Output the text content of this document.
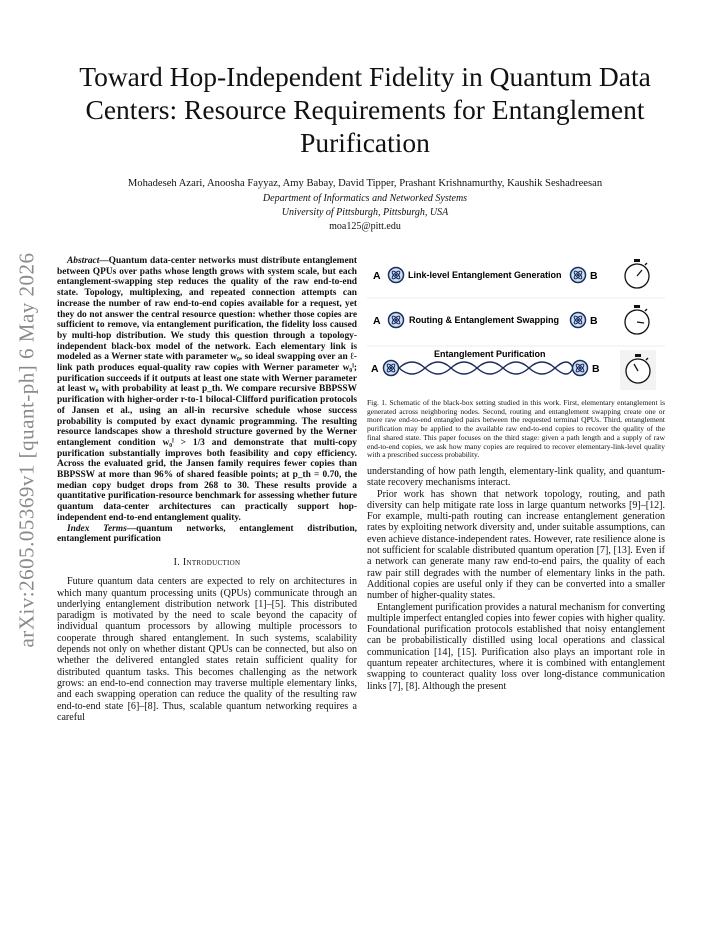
arXiv:2605.05369v1 [quant-ph] 6 May 2026
Toward Hop-Independent Fidelity in Quantum Data Centers: Resource Requirements for Entanglement Purification

Mohadeseh Azari, Anoosha Fayyaz, Amy Babay, David Tipper, Prashant Krishnamurthy, Kaushik Seshadreesan

Department of Informatics and Networked Systems

University of Pittsburgh, Pittsburgh, USA

moa125@pitt.edu

Abstract—Quantum data-center networks must distribute entanglement between QPUs over paths whose length grows with system scale, but each entanglement-swapping step reduces the quality of the raw end-to-end state. Topology, multiplexing, and repeated connection attempts can increase the number of raw end-to-end copies available for a request, yet they do not answer the central resource question: whether those copies are sufficient to remove, via entanglement purification, the fidelity loss caused by multi-hop distribution. We study this question through a topology-independent black-box model of the network. Each elementary link is modeled as a Werner state with parameter w₀, so ideal swapping over an ℓ-link path produces equal-quality raw copies with Werner parameter w₀ˡ; purification succeeds if it outputs at least one state with Werner parameter at least w₀ with probability at least p_th. We compare recursive BBPSSW purification with higher-order r-to-1 bilocal-Clifford purification protocols of Jansen et al., using an all-in recursive schedule whose success probability is computed by exact dynamic programming. The resulting resource landscapes show a threshold structure governed by the Werner entanglement condition w₀ˡ > 1/3 and demonstrate that multi-copy purification substantially improves both feasibility and copy efficiency. Across the evaluated grid, the Jansen family requires fewer copies than BBPSSW at more than 96% of shared feasible points; at p_th = 0.70, the median copy budget drops from 268 to 30. These results provide a quantitative purification-resource benchmark for assessing whether future quantum data-center architectures can practically support hop-independent end-to-end entanglement quality.

Index Terms—quantum networks, entanglement distribution, entanglement purification

I. Introduction

Future quantum data centers are expected to rely on architectures in which many quantum processing units (QPUs) communicate through an underlying entanglement distribution network [1]–[5]. This distributed paradigm is motivated by the need to scale beyond the capacity of individual quantum processors by allowing multiple processors to cooperate through shared entanglement. In such systems, scalability depends not only on whether distant QPUs can be connected, but also on whether the delivered entangled states retain sufficient quality for distributed quantum tasks. This becomes challenging as the network grows: an end-to-end connection may traverse multiple elementary links, and each swapping operation can reduce the quality of the resulting raw end-to-end state [6]–[8]. Thus, scalable quantum networking requires a careful

A	Link-level Entanglement Generation	B
A	Routing & Entanglement Swapping	B
Entanglement Purification
A	B

Fig. 1. Schematic of the black-box setting studied in this work. First, elementary entanglement is generated across neighboring nodes. Second, routing and entanglement swapping create one or more raw end-to-end entangled pairs between the requested terminal QPUs. Third, entanglement purification may be applied to the available raw end-to-end copies to recover the quality of the final shared state. This paper focuses on the third stage: given a path length and a supply of raw end-to-end copies, we ask how many copies are required to recover elementary-link-level quality with a prescribed success probability.

understanding of how path length, elementary-link quality, and quantum-state recovery mechanisms interact.

Prior work has shown that network topology, routing, and path diversity can help mitigate rate loss in large quantum networks [9]–[12]. For example, multi-path routing can increase entanglement generation rates by exploiting network diversity and, under suitable assumptions, can even achieve distance-independent rates. However, rate resilience alone is not sufficient for scalable distributed quantum operation [7], [13]. Even if a network can generate many raw end-to-end pairs, the quality of each raw pair still degrades with the number of elementary links in the path. Additional copies are useful only if they can be converted into a smaller number of higher-quality states.

Entanglement purification provides a natural mechanism for converting multiple imperfect entangled copies into fewer copies with higher quality. Foundational purification protocols established that noisy entanglement can be probabilistically distilled using local operations and classical communication [14], [15]. Purification also plays an important role in quantum repeater architectures, where it is combined with entanglement swapping to counteract quality loss over long-distance communication links [7], [8]. Although the present
